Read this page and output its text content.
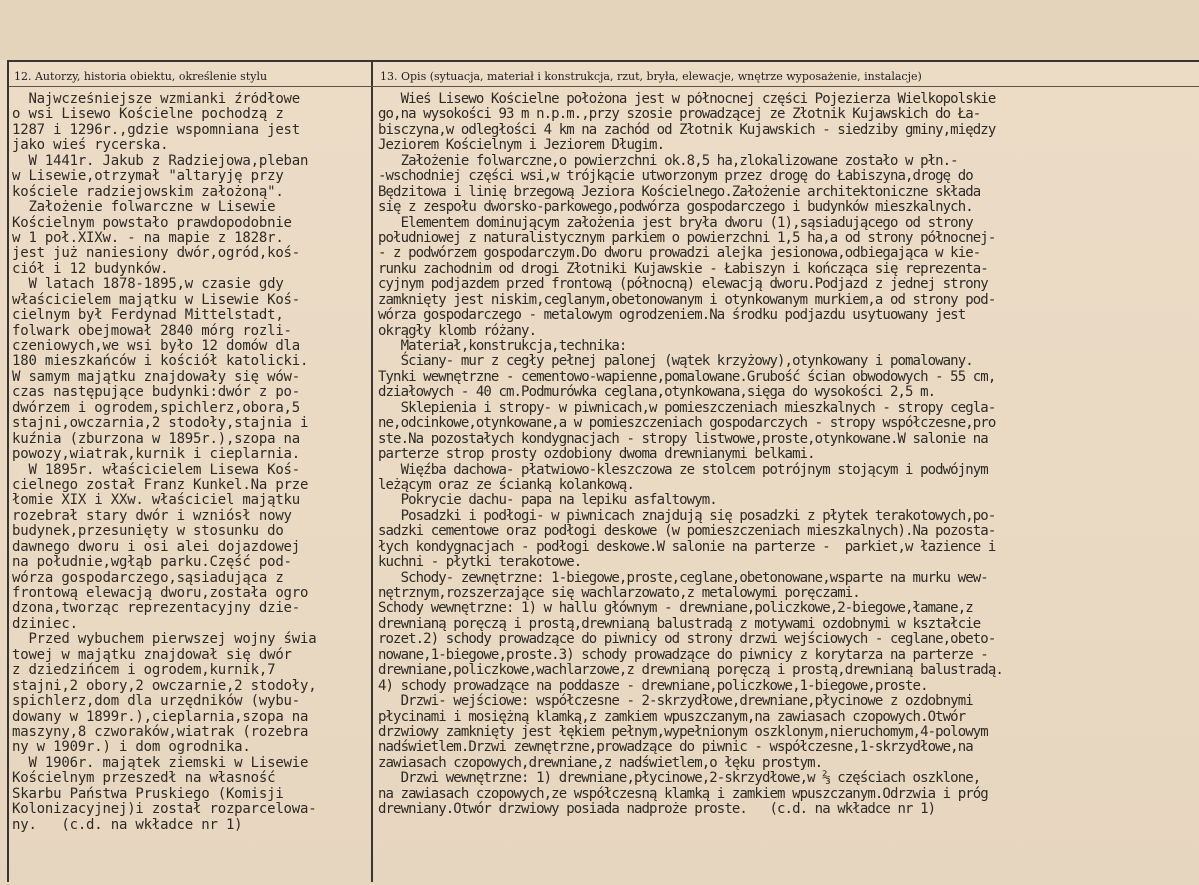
12. Autorzy, historia obiektu, określenie stylu	13. Opis (sytuacja, materiał i konstrukcja, rzut, bryła, elewacje, wnętrze wyposażenie, instalacje)
Najwcześniejsze wzmianki źródłowe
o wsi Lisewo Kościelne pochodzą z
1287 i 1296r.,gdzie wspomniana jest
jako wieś rycerska.
W 1441r. Jakub z Radziejowa,pleban
w Lisewie,otrzymał "altaryję przy
kościele radziejowskim założoną".
Założenie folwarczne w Lisewie
Kościelnym powstało prawdopodobnie
w 1 poł.XIXw. - na mapie z 1828r.
jest już naniesiony dwór,ogród,koś-
ciół i 12 budynków.
W latach 1878-1895,w czasie gdy
właścicielem majątku w Lisewie Koś-
cielnym był Ferdynad Mittelstadt,
folwark obejmował 2840 mórg rozli-
czeniowych,we wsi było 12 domów dla
180 mieszkańców i kościół katolicki.
W samym majątku znajdowały się wów-
czas następujące budynki:dwór z po-
dwórzem i ogrodem,spichlerz,obora,5
stajni,owczarnia,2 stodoły,stajnia i
kuźnia (zburzona w 1895r.),szopa na
powozy,wiatrak,kurnik i cieplarnia.
W 1895r. właścicielem Lisewa Koś-
cielnego został Franz Kunkel.Na prze
łomie XIX i XXw. właściciel majątku
rozebrał stary dwór i wzniósł nowy
budynek,przesunięty w stosunku do
dawnego dworu i osi alei dojazdowej
na południe,wgłąb parku.Część pod-
wórza gospodarczego,sąsiadująca z
frontową elewacją dworu,została ogro
dzona,tworząc reprezentacyjny dzie-
dziniec.
Przed wybuchem pierwszej wojny świa
towej w majątku znajdował się dwór
z dziedzińcem i ogrodem,kurnik,7
stajni,2 obory,2 owczarnie,2 stodoły,
spichlerz,dom dla urzędników (wybu-
dowany w 1899r.),cieplarnia,szopa na
maszyny,8 czworaków,wiatrak (rozebra
ny w 1909r.) i dom ogrodnika.
W 1906r. majątek ziemski w Lisewie
Kościelnym przeszedł na własność
Skarbu Państwa Pruskiego (Komisji
Kolonizacyjnej)i został rozparcelowa-
ny.   (c.d. na wkładce nr 1)
Wieś Lisewo Kościelne położona jest w północnej części Pojezierza Wielkopolskie
go,na wysokości 93 m n.p.m.,przy szosie prowadzącej ze Złotnik Kujawskich do Ła-
bisczyna,w odległości 4 km na zachód od Złotnik Kujawskich - siedziby gminy,między
Jeziorem Kościelnym i Jeziorem Długim.
Założenie folwarczne,o powierzchni ok.8,5 ha,zlokalizowane zostało w płn.-
-wschodniej części wsi,w trójkącie utworzonym przez drogę do Łabiszyna,drogę do
Będzitowa i linię brzegową Jeziora Kościelnego.Założenie architektoniczne składa
się z zespołu dworsko-parkowego,podwórza gospodarczego i budynków mieszkalnych.
Elementem dominującym założenia jest bryła dworu (1),sąsiadującego od strony
południowej z naturalistycznym parkiem o powierzchni 1,5 ha,a od strony północnej-
- z podwórzem gospodarczym.Do dworu prowadzi alejka jesionowa,odbiegająca w kie-
runku zachodnim od drogi Złotniki Kujawskie - Łabiszyn i kończąca się reprezenta-
cyjnym podjazdem przed frontową (północną) elewacją dworu.Podjazd z jednej strony
zamknięty jest niskim,ceglanym,obetonowanym i otynkowanym murkiem,a od strony pod-
wórza gospodarczego - metalowym ogrodzeniem.Na środku podjazdu usytuowany jest
okrągły klomb różany.
Materiał,konstrukcja,technika:
Ściany- mur z cegły pełnej palonej (wątek krzyżowy),otynkowany i pomalowany.
Tynki wewnętrzne - cementowo-wapienne,pomalowane.Grubość ścian obwodowych - 55 cm,
działowych - 40 cm.Podmurówka ceglana,otynkowana,sięga do wysokości 2,5 m.
Sklepienia i stropy- w piwnicach,w pomieszczeniach mieszkalnych - stropy cegla-
ne,odcinkowe,otynkowane,a w pomieszczeniach gospodarczych - stropy współczesne,pro
ste.Na pozostałych kondygnacjach - stropy listwowe,proste,otynkowane.W salonie na
parterze strop prosty ozdobiony dwoma drewnianymi belkami.
Więźba dachowa- płatwiowo-kleszczowa ze stolcem potrójnym stojącym i podwójnym
leżącym oraz ze ścianką kolankową.
Pokrycie dachu- papa na lepiku asfaltowym.
Posadzki i podłogi- w piwnicach znajdują się posadzki z płytek terakotowych,po-
sadzki cementowe oraz podłogi deskowe (w pomieszczeniach mieszkalnych).Na pozosta-
łych kondygnacjach - podłogi deskowe.W salonie na parterze -  parkiet,w łazience i
kuchni - płytki terakotowe.
Schody- zewnętrzne: 1-biegowe,proste,ceglane,obetonowane,wsparte na murku wew-
nętrznym,rozszerzające się wachlarzowato,z metalowymi poręczami.
Schody wewnętrzne: 1) w hallu głównym - drewniane,policzkowe,2-biegowe,łamane,z
drewnianą poręczą i prostą,drewnianą balustradą z motywami ozdobnymi w kształcie
rozet.2) schody prowadzące do piwnicy od strony drzwi wejściowych - ceglane,obeto-
nowane,1-biegowe,proste.3) schody prowadzące do piwnicy z korytarza na parterze -
drewniane,policzkowe,wachlarzowe,z drewnianą poręczą i prostą,drewnianą balustradą.
4) schody prowadzące na poddasze - drewniane,policzkowe,1-biegowe,proste.
Drzwi- wejściowe: współczesne - 2-skrzydłowe,drewniane,płycinowe z ozdobnymi
płycinami i mosiężną klamką,z zamkiem wpuszczanym,na zawiasach czopowych.Otwór
drzwiowy zamknięty jest łękiem pełnym,wypełnionym oszklonym,nieruchomym,4-polowym
nadświetlem.Drzwi zewnętrzne,prowadzące do piwnic - współczesne,1-skrzydłowe,na
zawiasach czopowych,drewniane,z nadświetlem,o łęku prostym.
Drzwi wewnętrzne: 1) drewniane,płycinowe,2-skrzydłowe,w ⅔ częściach oszklone,
na zawiasach czopowych,ze współczesną klamką i zamkiem wpuszczanym.Odrzwia i próg
drewniany.Otwór drzwiowy posiada nadproże proste.   (c.d. na wkładce nr 1)
